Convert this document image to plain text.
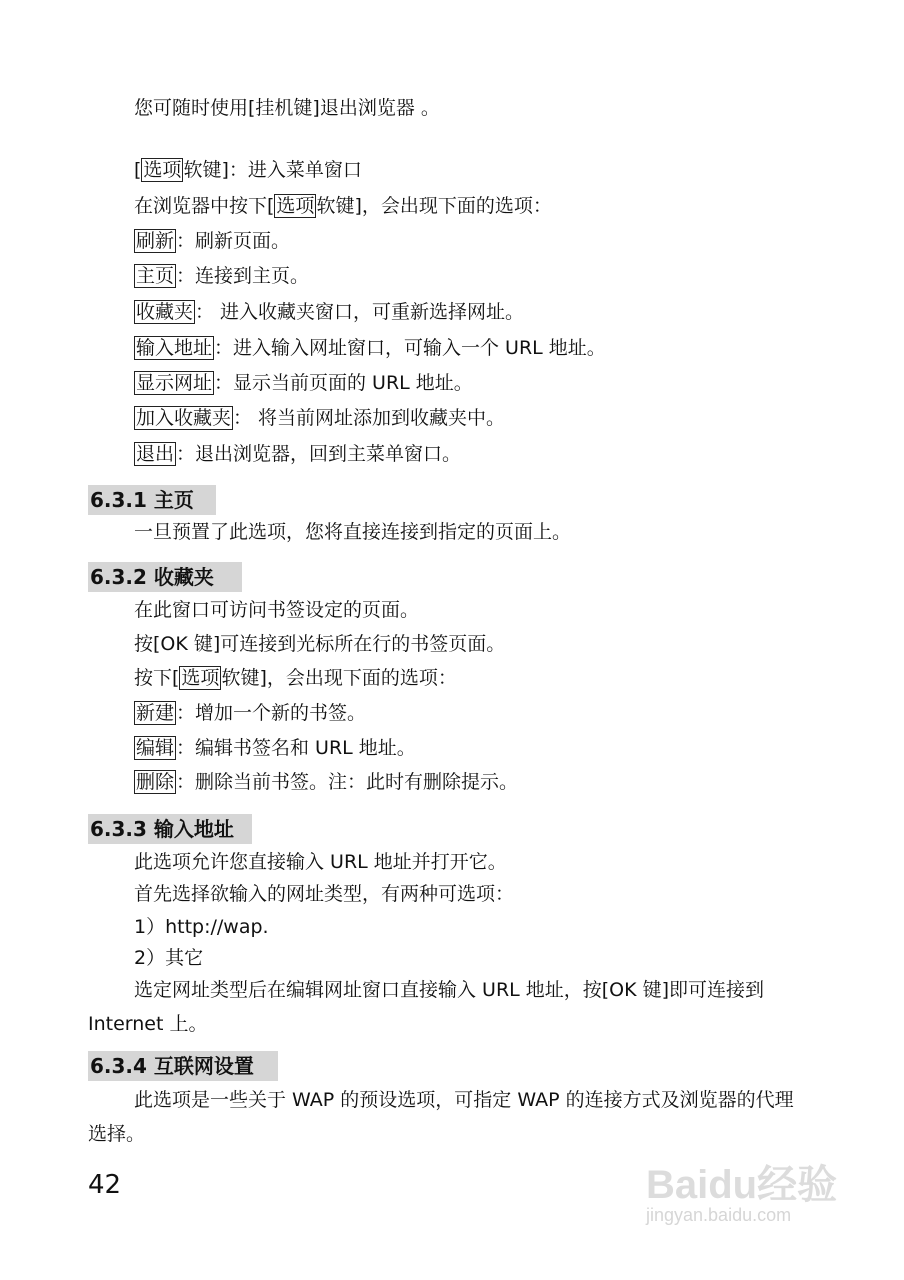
您可随时使用[挂机键]退出浏览器 。
[ 选项 软键]：进入菜单窗口
在浏览器中按下[ 选项 软键]，会出现下面的选项：
刷新 ：刷新页面。
主页 ：连接到主页。
收藏夹 ： 进入收藏夹窗口，可重新选择网址。
输入地址 ：进入输入网址窗口，可输入一个 URL 地址。
显示网址 ：显示当前页面的 URL 地址。
加入收藏夹 ： 将当前网址添加到收藏夹中。
退出 ：退出浏览器，回到主菜单窗口。
6.3.1 主页
一旦预置了此选项，您将直接连接到指定的页面上。
6.3.2 收藏夹
在此窗口可访问书签设定的页面。
按[OK 键]可连接到光标所在行的书签页面。
按下[ 选项 软键]，会出现下面的选项：
新建 ：增加一个新的书签。
编辑 ：编辑书签名和 URL 地址。
删除 ：删除当前书签。注：此时有删除提示。
6.3.3 输入地址
此选项允许您直接输入 URL 地址并打开它。
首先选择欲输入的网址类型，有两种可选项：
1）http://wap.
2）其它

选定网址类型后在编辑网址窗口直接输入 URL 地址，按[OK 键]即可连接到 Internet 上。

6.3.4 互联网设置

此选项是一些关于 WAP 的预设选项，可指定 WAP 的连接方式及浏览器的代理选择。

42	Baidu经验
jingyan.baidu.com
